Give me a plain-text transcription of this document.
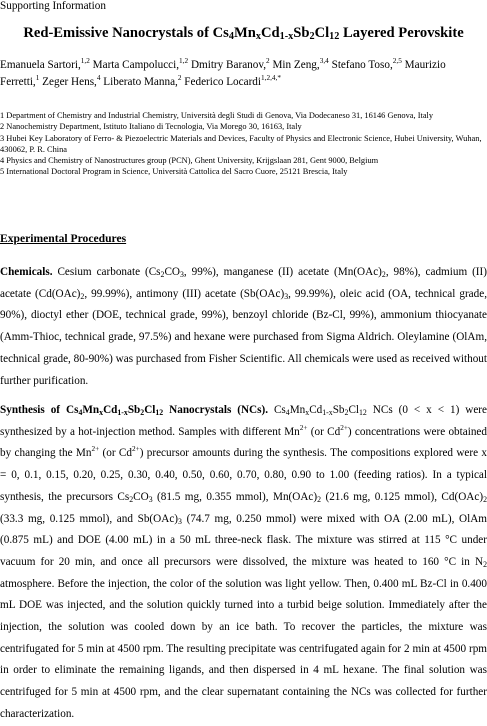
Supporting Information
Red-Emissive Nanocrystals of $Cs_4Mn_xCd_{1-x}Sb_2Cl_{12}$ Layered Perovskite
Emanuela Sartori,$^{1,2}$ Marta Campolucci,$^{1,2}$ Dmitry Baranov,$^2$ Min Zeng,$^{3,4}$ Stefano Toso,$^{2,5}$ Maurizio Ferretti,$^1$ Zeger Hens,$^4$ Liberato Manna,$^2$ Federico Locardi$^{1,2,4,*}$
1 Department of Chemistry and Industrial Chemistry, Università degli Studi di Genova, Via Dodecaneso 31, 16146 Genova, Italy
2 Nanochemistry Department, Istituto Italiano di Tecnologia, Via Morego 30, 16163, Italy
3 Hubei Key Laboratory of Ferro- & Piezoelectric Materials and Devices, Faculty of Physics and Electronic Science, Hubei University, Wuhan, 430062, P. R. China
4 Physics and Chemistry of Nanostructures group (PCN), Ghent University, Krijgslaan 281, Gent 9000, Belgium
5 International Doctoral Program in Science, Università Cattolica del Sacro Cuore, 25121 Brescia, Italy
Experimental Procedures
Chemicals. Cesium carbonate ($Cs_2CO_3$, 99%), manganese (II) acetate ($Mn(OAc)_2$, 98%), cadmium (II) acetate ($Cd(OAc)_2$, 99.99%), antimony (III) acetate ($Sb(OAc)_3$, 99.99%), oleic acid (OA, technical grade, 90%), dioctyl ether (DOE, technical grade, 99%), benzoyl chloride (Bz-Cl, 99%), ammonium thiocyanate (Amm-Thioc, technical grade, 97.5%) and hexane were purchased from Sigma Aldrich. Oleylamine (OlAm, technical grade, 80-90%) was purchased from Fisher Scientific. All chemicals were used as received without further purification.
Synthesis of $Cs_4Mn_xCd_{1-x}Sb_2Cl_{12}$ Nanocrystals (NCs). $Cs_4Mn_xCd_{1-x}Sb_2Cl_{12}$ NCs (0 < x < 1) were synthesized by a hot-injection method. Samples with different $Mn^{2+}$ (or $Cd^{2+}$) concentrations were obtained by changing the $Mn^{2+}$ (or $Cd^{2+}$) precursor amounts during the synthesis. The compositions explored were x = 0, 0.1, 0.15, 0.20, 0.25, 0.30, 0.40, 0.50, 0.60, 0.70, 0.80, 0.90 to 1.00 (feeding ratios). In a typical synthesis, the precursors $Cs_2CO_3$ (81.5 mg, 0.355 mmol), $Mn(OAc)_2$ (21.6 mg, 0.125 mmol), $Cd(OAc)_2$ (33.3 mg, 0.125 mmol), and $Sb(OAc)_3$ (74.7 mg, 0.250 mmol) were mixed with OA (2.00 mL), OlAm (0.875 mL) and DOE (4.00 mL) in a 50 mL three-neck flask. The mixture was stirred at 115 °C under vacuum for 20 min, and once all precursors were dissolved, the mixture was heated to 160 °C in $N_2$ atmosphere. Before the injection, the color of the solution was light yellow. Then, 0.400 mL Bz-Cl in 0.400 mL DOE was injected, and the solution quickly turned into a turbid beige solution. Immediately after the injection, the solution was cooled down by an ice bath. To recover the particles, the mixture was centrifugated for 5 min at 4500 rpm. The resulting precipitate was centrifugated again for 2 min at 4500 rpm in order to eliminate the remaining ligands, and then dispersed in 4 mL hexane. The final solution was centrifuged for 5 min at 4500 rpm, and the clear supernatant containing the NCs was collected for further characterization.
